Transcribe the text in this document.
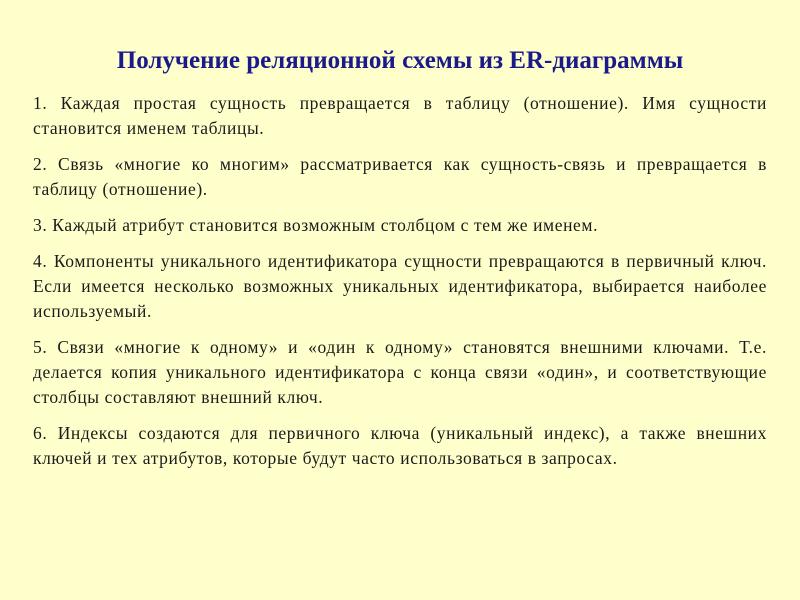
Получение реляционной схемы из ER-диаграммы
1. Каждая простая сущность превращается в таблицу (отношение). Имя сущности становится именем таблицы.
2. Связь «многие ко многим» рассматривается как сущность-связь и превращается в таблицу (отношение).
3. Каждый атрибут становится возможным столбцом с тем же именем.
4. Компоненты уникального идентификатора сущности превращаются в первичный ключ. Если имеется несколько возможных уникальных идентификатора, выбирается наиболее используемый.
5. Связи «многие к одному» и «один к одному» становятся внешними ключами. Т.е. делается копия уникального идентификатора с конца связи «один», и соответствующие столбцы составляют внешний ключ.
6. Индексы создаются для первичного ключа (уникальный индекс), а также внешних ключей и тех атрибутов, которые будут часто использоваться в запросах.
